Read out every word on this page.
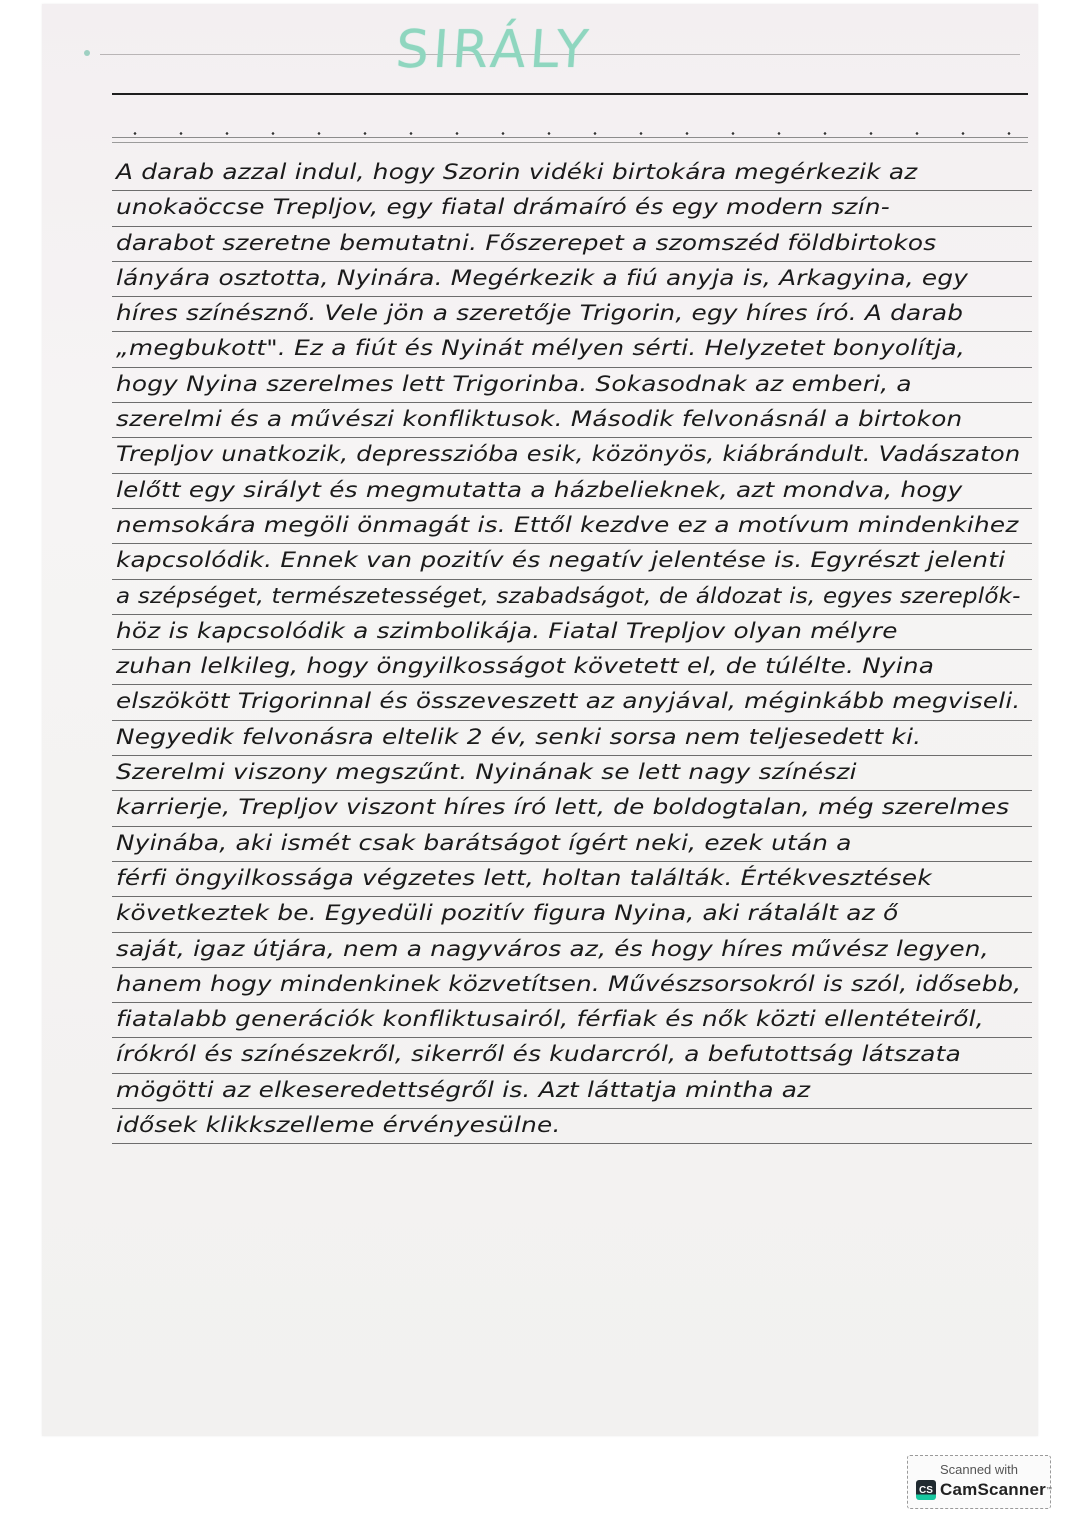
SIRÁLY
A darab azzal indul, hogy Szorin vidéki birtokára megérkezik az
unokaöccse Trepljov, egy fiatal drámaíró és egy modern szín-
darabot szeretne bemutatni. Főszerepet a szomszéd földbirtokos
lányára osztotta, Nyinára. Megérkezik a fiú anyja is, Arkagyina, egy
híres színésznő. Vele jön a szeretője Trigorin, egy híres író. A darab
„megbukott". Ez a fiút és Nyinát mélyen sérti. Helyzetet bonyolítja,
hogy Nyina szerelmes lett Trigorinba. Sokasodnak az emberi, a
szerelmi és a művészi konfliktusok. Második felvonásnál a birtokon
Trepljov unatkozik, depresszióba esik, közönyös, kiábrándult. Vadászaton
lelőtt egy sirályt és megmutatta a házbelieknek, azt mondva, hogy
nemsokára megöli önmagát is. Ettől kezdve ez a motívum mindenkihez
kapcsolódik. Ennek van pozitív és negatív jelentése is. Egyrészt jelenti
a szépséget, természetességet, szabadságot, de áldozat is, egyes szereplők-
höz is kapcsolódik a szimbolikája. Fiatal Trepljov olyan mélyre
zuhan lelkileg, hogy öngyilkosságot követett el, de túlélte. Nyina
elszökött Trigorinnal és összeveszett az anyjával, méginkább megviseli.
Negyedik felvonásra eltelik 2 év, senki sorsa nem teljesedett ki.
Szerelmi viszony megszűnt. Nyinának se lett nagy színészi
karrierje, Trepljov viszont híres író lett, de boldogtalan, még szerelmes
Nyinába, aki ismét csak barátságot ígért neki, ezek után a
férfi öngyilkossága végzetes lett, holtan találták. Értékvesztések
következtek be. Egyedüli pozitív figura Nyina, aki rátalált az ő
saját, igaz útjára, nem a nagyváros az, és hogy híres művész legyen,
hanem hogy mindenkinek közvetítsen. Művészsorsokról is szól, idősebb,
fiatalabb generációk konfliktusairól, férfiak és nők közti ellentéteiről,
írókról és színészekről, sikerről és kudarcról, a befutottság látszata
mögötti az elkeseredettségről is. Azt láttatja mintha az
idősek klikkszelleme érvényesülne.
Scanned with
CS CamScanner ™
